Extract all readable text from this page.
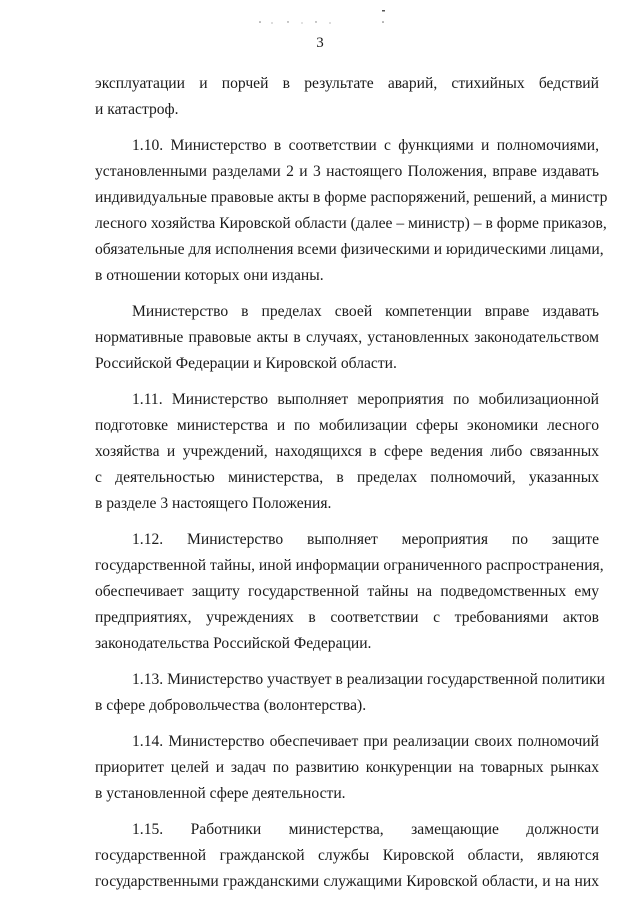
3
эксплуатации и порчей в результате аварий, стихийных бедствий
и катастроф.
1.10. Министерство в соответствии с функциями и полномочиями,
установленными разделами 2 и 3 настоящего Положения, вправе издавать
индивидуальные правовые акты в форме распоряжений, решений, а министр
лесного хозяйства Кировской области (далее – министр) – в форме приказов,
обязательные для исполнения всеми физическими и юридическими лицами,
в отношении которых они изданы.
Министерство в пределах своей компетенции вправе издавать
нормативные правовые акты в случаях, установленных законодательством
Российской Федерации и Кировской области.
1.11. Министерство выполняет мероприятия по мобилизационной
подготовке министерства и по мобилизации сферы экономики лесного
хозяйства и учреждений, находящихся в сфере ведения либо связанных
с деятельностью министерства, в пределах полномочий, указанных
в разделе 3 настоящего Положения.
1.12. Министерство выполняет мероприятия по защите
государственной тайны, иной информации ограниченного распространения,
обеспечивает защиту государственной тайны на подведомственных ему
предприятиях, учреждениях в соответствии с требованиями актов
законодательства Российской Федерации.
1.13. Министерство участвует в реализации государственной политики
в сфере добровольчества (волонтерства).
1.14. Министерство обеспечивает при реализации своих полномочий
приоритет целей и задач по развитию конкуренции на товарных рынках
в установленной сфере деятельности.
1.15. Работники министерства, замещающие должности
государственной гражданской службы Кировской области, являются
государственными гражданскими служащими Кировской области, и на них
